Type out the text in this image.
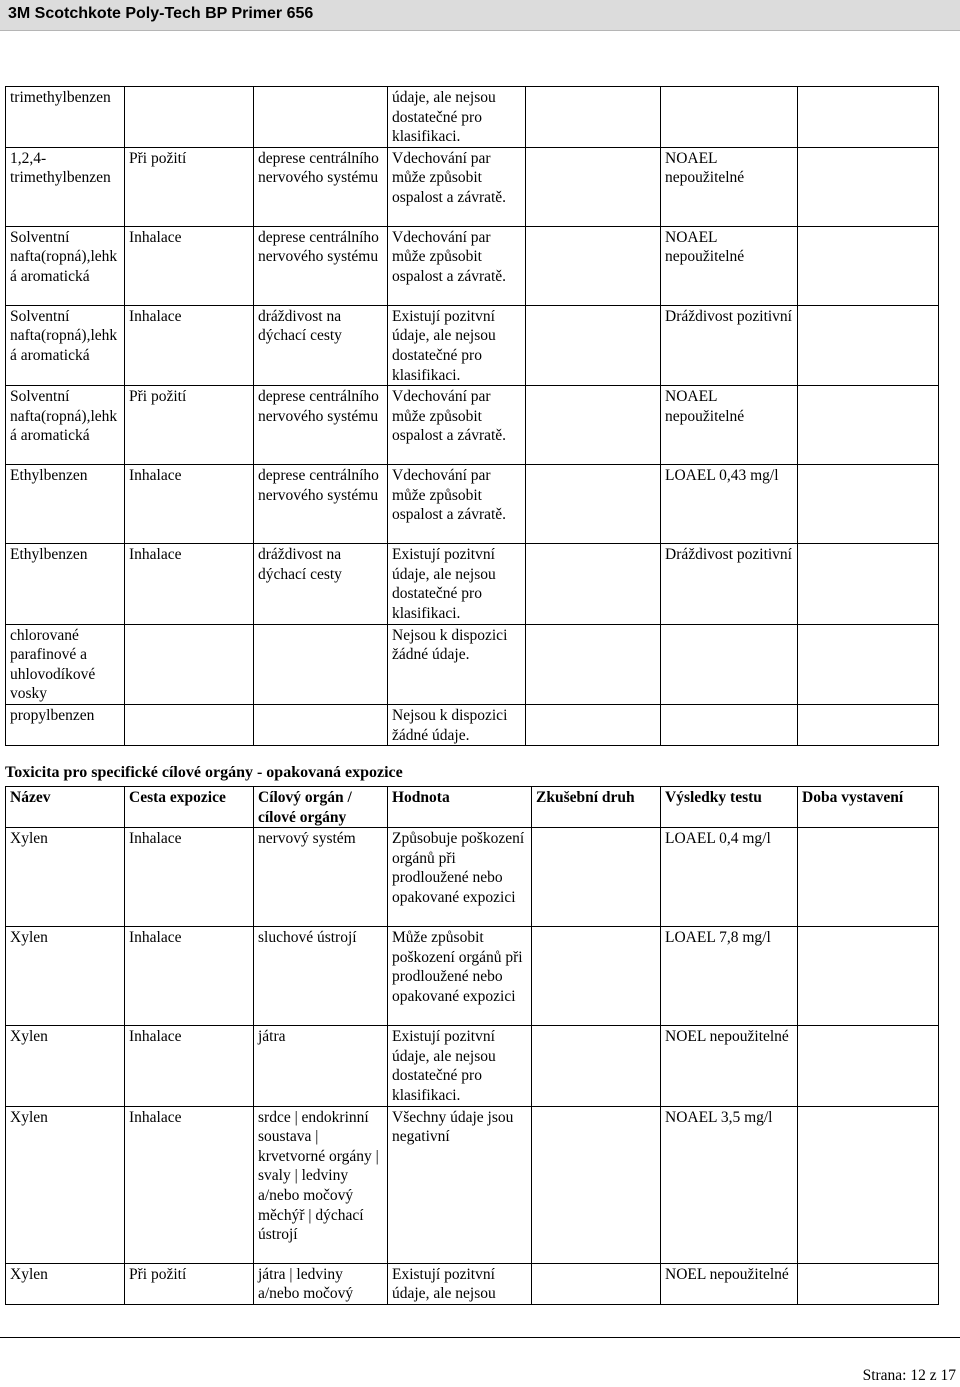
3M Scotchkote Poly-Tech BP Primer 656
trimethylbenzen			údaje, ale nejsou dostatečné pro klasifikaci.			
1,2,4-trimethylbenzen	Při požití	deprese centrálního nervového systému	Vdechování par může způsobit ospalost a závratě.		NOAEL nepoužitelné	
Solventní nafta(ropná),lehká aromatická	Inhalace	deprese centrálního nervového systému	Vdechování par může způsobit ospalost a závratě.		NOAEL nepoužitelné	
Solventní nafta(ropná),lehká aromatická	Inhalace	dráždivost na dýchací cesty	Existují pozitvní údaje, ale nejsou dostatečné pro klasifikaci.		Dráždivost pozitivní	
Solventní nafta(ropná),lehká aromatická	Při požití	deprese centrálního nervového systému	Vdechování par může způsobit ospalost a závratě.		NOAEL nepoužitelné	
Ethylbenzen	Inhalace	deprese centrálního nervového systému	Vdechování par může způsobit ospalost a závratě.		LOAEL 0,43 mg/l	
Ethylbenzen	Inhalace	dráždivost na dýchací cesty	Existují pozitvní údaje, ale nejsou dostatečné pro klasifikaci.		Dráždivost pozitivní	
chlorované parafinové a uhlovodíkové vosky			Nejsou k dispozici žádné údaje.			
propylbenzen			Nejsou k dispozici žádné údaje.			
Toxicita pro specifické cílové orgány - opakovaná expozice
Název	Cesta expozice	Cílový orgán / cílové orgány	Hodnota	Zkušební druh	Výsledky testu	Doba vystavení
Xylen	Inhalace	nervový systém	Způsobuje poškození orgánů při prodloužené nebo opakované expozici		LOAEL 0,4 mg/l	
Xylen	Inhalace	sluchové ústrojí	Může způsobit poškození orgánů při prodloužené nebo opakované expozici		LOAEL 7,8 mg/l	
Xylen	Inhalace	játra	Existují pozitvní údaje, ale nejsou dostatečné pro klasifikaci.		NOEL nepoužitelné	
Xylen	Inhalace	srdce | endokrinní soustava | krvetvorné orgány | svaly | ledviny a/nebo močový měchýř | dýchací ústrojí	Všechny údaje jsou negativní		NOAEL 3,5 mg/l	
Xylen	Při požití	játra | ledviny a/nebo močový	Existují pozitvní údaje, ale nejsou		NOEL nepoužitelné	
Strana: 12 z 17
